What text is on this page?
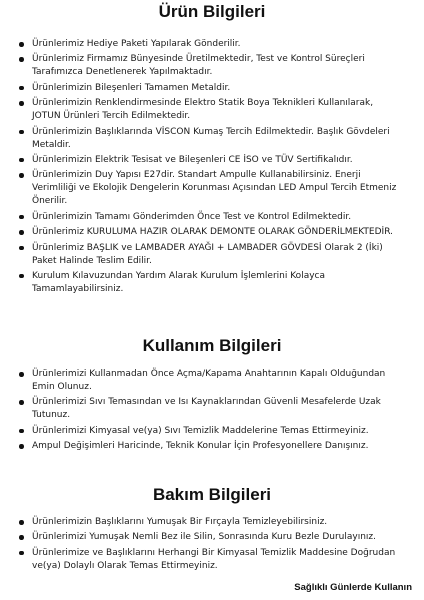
Ürün Bilgileri
Ürünlerimiz Hediye Paketi Yapılarak Gönderilir.
Ürünlerimiz Firmamız Bünyesinde Üretilmektedir, Test ve Kontrol Süreçleri Tarafımızca Denetlenerek Yapılmaktadır.
Ürünlerimizin Bileşenleri Tamamen Metaldir.
Ürünlerimizin Renklendirmesinde Elektro Statik Boya Teknikleri Kullanılarak, JOTUN Ürünleri Tercih Edilmektedir.
Ürünlerimizin Başlıklarında VİSCON Kumaş Tercih Edilmektedir. Başlık Gövdeleri Metaldir.
Ürünlerimizin Elektrik Tesisat ve Bileşenleri CE İSO ve TÜV Sertifikalıdır.
Ürünlerimizin Duy Yapısı E27dir. Standart Ampulle Kullanabilirsiniz. Enerji Verimliliği ve Ekolojik Dengelerin Korunması Açısından LED Ampul Tercih Etmeniz Önerilir.
Ürünlerimizin Tamamı Gönderimden Önce Test ve Kontrol Edilmektedir.
Ürünlerimiz KURULUMA HAZIR OLARAK DEMONTE OLARAK GÖNDERİLMEKTEDİR.
Ürünlerimiz BAŞLIK ve LAMBADER AYAĞI + LAMBADER GÖVDESİ Olarak 2 (İki) Paket Halinde Teslim Edilir.
Kurulum Kılavuzundan Yardım Alarak Kurulum İşlemlerini Kolayca Tamamlayabilirsiniz.
Kullanım Bilgileri
Ürünlerimizi Kullanmadan Önce Açma/Kapama Anahtarının Kapalı Olduğundan Emin Olunuz.
Ürünlerimizi Sıvı Temasından ve Isı Kaynaklarından Güvenli Mesafelerde Uzak Tutunuz.
Ürünlerimizi Kimyasal ve(ya) Sıvı Temizlik Maddelerine Temas Ettirmeyiniz.
Ampul Değişimleri Haricinde, Teknik Konular İçin Profesyonellere Danışınız.
Bakım Bilgileri
Ürünlerimizin Başlıklarını Yumuşak Bir Fırçayla Temizleyebilirsiniz.
Ürünlerimizi Yumuşak Nemli Bez ile Silin, Sonrasında Kuru Bezle Durulayınız.
Ürünlerimize ve Başlıklarını Herhangi Bir Kimyasal Temizlik Maddesine Doğrudan ve(ya) Dolaylı Olarak Temas Ettirmeyiniz.
Sağlıklı Günlerde Kullanın
